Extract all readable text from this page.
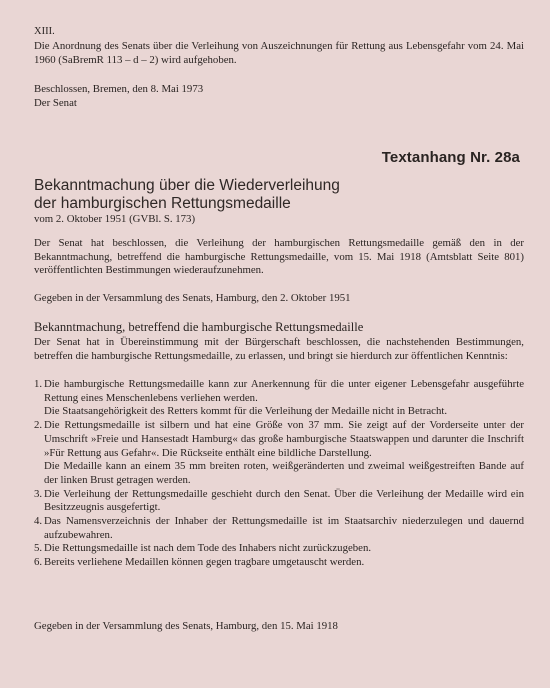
XIII.
Die Anordnung des Senats über die Verleihung von Auszeichnungen für Rettung aus Lebensgefahr vom 24. Mai 1960 (SaBremR 113 – d – 2) wird aufgehoben.
Beschlossen, Bremen, den 8. Mai 1973
Der Senat
Textanhang Nr. 28a
Bekanntmachung über die Wiederverleihung
der hamburgischen Rettungsmedaille
vom 2. Oktober 1951 (GVBl. S. 173)
Der Senat hat beschlossen, die Verleihung der hamburgischen Rettungsmedaille gemäß den in der Bekanntmachung, betreffend die hamburgische Rettungsmedaille, vom 15. Mai 1918 (Amtsblatt Seite 801) veröffentlichten Bestimmungen wiederaufzunehmen.
Gegeben in der Versammlung des Senats, Hamburg, den 2. Oktober 1951
Bekanntmachung, betreffend die hamburgische Rettungsmedaille
Der Senat hat in Übereinstimmung mit der Bürgerschaft beschlossen, die nachstehenden Bestimmungen, betreffen die hamburgische Rettungsmedaille, zu erlassen, und bringt sie hierdurch zur öffentlichen Kenntnis:
1. Die hamburgische Rettungsmedaille kann zur Anerkennung für die unter eigener Lebensgefahr ausgeführte Rettung eines Menschenlebens verliehen werden.
Die Staatsangehörigkeit des Retters kommt für die Verleihung der Medaille nicht in Betracht.
2. Die Rettungsmedaille ist silbern und hat eine Größe von 37 mm. Sie zeigt auf der Vorderseite unter der Umschrift »Freie und Hansestadt Hamburg« das große hamburgische Staatswappen und darunter die Inschrift »Für Rettung aus Gefahr«. Die Rückseite enthält eine bildliche Darstellung.
Die Medaille kann an einem 35 mm breiten roten, weißgeränderten und zweimal weißgestreiften Bande auf der linken Brust getragen werden.
3. Die Verleihung der Rettungsmedaille geschieht durch den Senat. Über die Verleihung der Medaille wird ein Besitzzeugnis ausgefertigt.
4. Das Namensverzeichnis der Inhaber der Rettungsmedaille ist im Staatsarchiv niederzulegen und dauernd aufzubewahren.
5. Die Rettungsmedaille ist nach dem Tode des Inhabers nicht zurückzugeben.
6. Bereits verliehene Medaillen können gegen tragbare umgetauscht werden.
Gegeben in der Versammlung des Senats, Hamburg, den 15. Mai 1918
